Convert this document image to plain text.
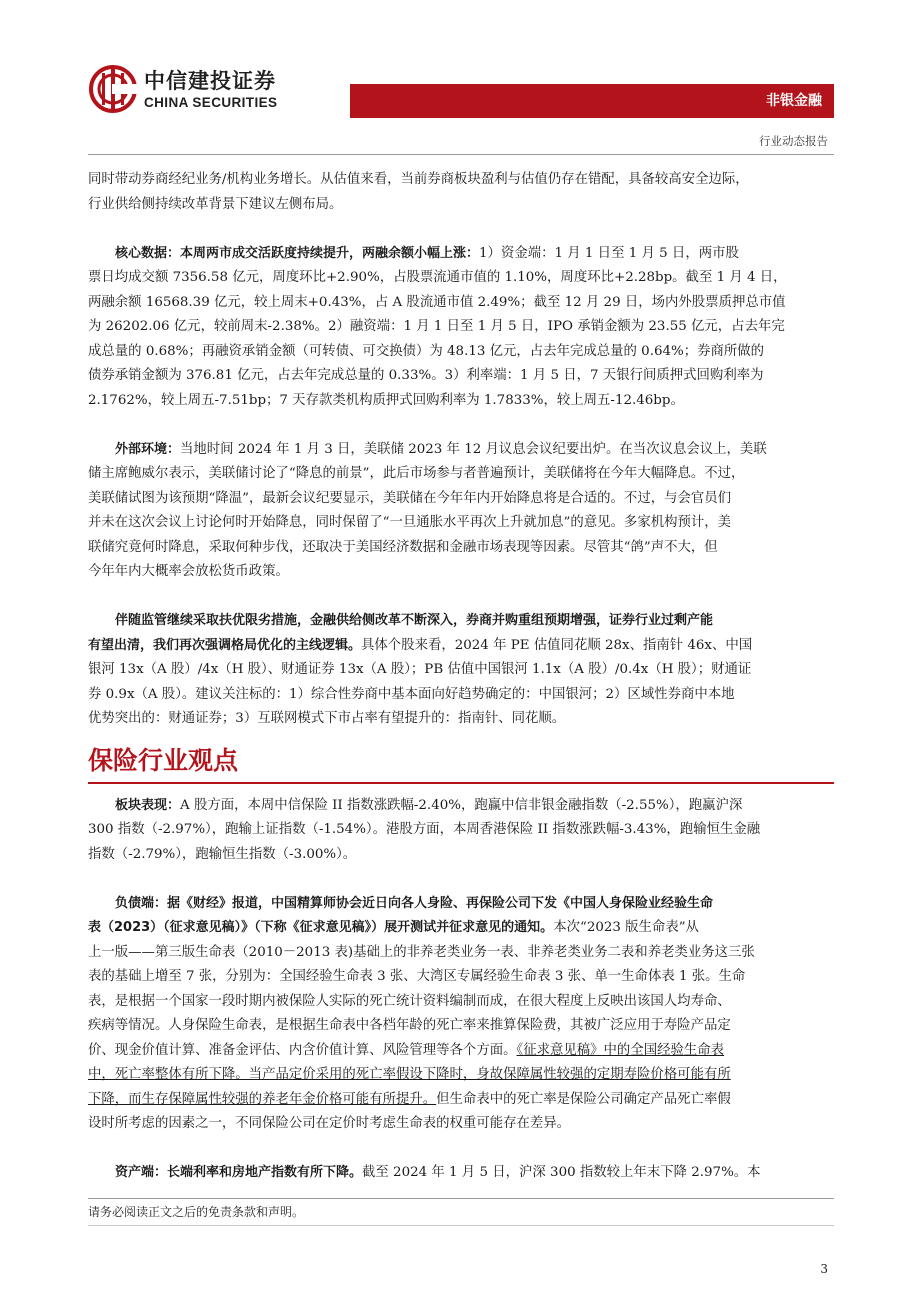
中信建投证券
CHINA SECURITIES	非银金融
行业动态报告

同时带动券商经纪业务/机构业务增长。从估值来看，当前券商板块盈利与估值仍存在错配，具备较高安全边际，
行业供给侧持续改革背景下建议左侧布局。

核心数据：本周两市成交活跃度持续提升，两融余额小幅上涨：1）资金端：1 月 1 日至 1 月 5 日，两市股
票日均成交额 7356.58 亿元，周度环比+2.90%，占股票流通市值的 1.10%，周度环比+2.28bp。截至 1 月 4 日，
两融余额 16568.39 亿元，较上周末+0.43%，占 A 股流通市值 2.49%；截至 12 月 29 日，场内外股票质押总市值
为 26202.06 亿元，较前周末-2.38%。2）融资端：1 月 1 日至 1 月 5 日，IPO 承销金额为 23.55 亿元，占去年完
成总量的 0.68%；再融资承销金额（可转债、可交换债）为 48.13 亿元，占去年完成总量的 0.64%；券商所做的
债券承销金额为 376.81 亿元，占去年完成总量的 0.33%。3）利率端：1 月 5 日，7 天银行间质押式回购利率为
2.1762%，较上周五-7.51bp；7 天存款类机构质押式回购利率为 1.7833%，较上周五-12.46bp。

外部环境：当地时间 2024 年 1 月 3 日，美联储 2023 年 12 月议息会议纪要出炉。在当次议息会议上，美联
储主席鲍威尔表示，美联储讨论了“降息的前景”，此后市场参与者普遍预计，美联储将在今年大幅降息。不过，
美联储试图为该预期“降温”，最新会议纪要显示，美联储在今年年内开始降息将是合适的。不过，与会官员们
并未在这次会议上讨论何时开始降息，同时保留了“一旦通胀水平再次上升就加息”的意见。多家机构预计，美
联储究竟何时降息，采取何种步伐，还取决于美国经济数据和金融市场表现等因素。尽管其“鸽”声不大，但
今年年内大概率会放松货币政策。

伴随监管继续采取扶优限劣措施，金融供给侧改革不断深入，券商并购重组预期增强，证券行业过剩产能
有望出清，我们再次强调格局优化的主线逻辑。具体个股来看，2024 年 PE 估值同花顺 28x、指南针 46x、中国
银河 13x（A 股）/4x（H 股）、财通证券 13x（A 股）；PB 估值中国银河 1.1x（A 股）/0.4x（H 股）；财通证
券 0.9x（A 股）。建议关注标的：1）综合性券商中基本面向好趋势确定的：中国银河；2）区域性券商中本地
优势突出的：财通证券；3）互联网模式下市占率有望提升的：指南针、同花顺。

保险行业观点

板块表现：A 股方面，本周中信保险 II 指数涨跌幅-2.40%，跑赢中信非银金融指数（-2.55%），跑赢沪深
300 指数（-2.97%），跑输上证指数（-1.54%）。港股方面，本周香港保险 II 指数涨跌幅-3.43%，跑输恒生金融
指数（-2.79%），跑输恒生指数（-3.00%）。

负债端：据《财经》报道，中国精算师协会近日向各人身险、再保险公司下发《中国人身保险业经验生命
表（2023）（征求意见稿）》（下称《征求意见稿》）展开测试并征求意见的通知。本次“2023 版生命表”从
上一版——第三版生命表（2010－2013 表)基础上的非养老类业务一表、非养老类业务二表和养老类业务这三张
表的基础上增至 7 张，分别为：全国经验生命表 3 张、大湾区专属经验生命表 3 张、单一生命体表 1 张。生命
表，是根据一个国家一段时期内被保险人实际的死亡统计资料编制而成，在很大程度上反映出该国人均寿命、
疾病等情况。人身保险生命表，是根据生命表中各档年龄的死亡率来推算保险费，其被广泛应用于寿险产品定
价、现金价值计算、准备金评估、内含价值计算、风险管理等各个方面。《征求意见稿》中的全国经验生命表
中，死亡率整体有所下降。当产品定价采用的死亡率假设下降时，身故保障属性较强的定期寿险价格可能有所
下降，而生存保障属性较强的养老年金价格可能有所提升。但生命表中的死亡率是保险公司确定产品死亡率假
设时所考虑的因素之一，不同保险公司在定价时考虑生命表的权重可能存在差异。

资产端：长端利率和房地产指数有所下降。截至 2024 年 1 月 5 日，沪深 300 指数较上年末下降 2.97%。本

请务必阅读正文之后的免责条款和声明。
3
